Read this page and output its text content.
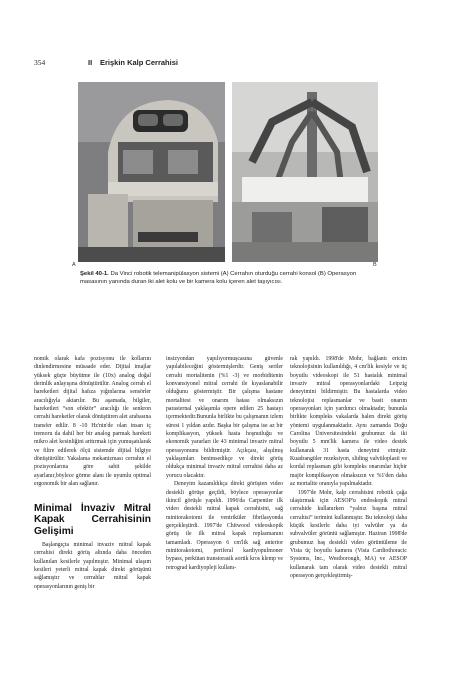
354	II Erişkin Kalp Cerrahisi
A	B
Şekil 40-1. Da Vinci robotik telemanipülasyon sistemi (A) Cerrahın oturduğu cerrahi konsol (B) Operasyon masasının yanında duran iki alet kolu ve bir kamera kolu içeren alet taşıyıcısı.

nomik olarak kafa pozisyonu ile kollarını dinlendirmesine müsaade eder. Dijital imajlar yüksek güçte büyütme ile (10x) analog doğal derinlik anlayışına dönüştürülür. Analog cerrah el hareketleri dijital hafıza yığınlarına sensörler aracılığıyla aktarılır. Bu aşamada, bilgiler, hareketleri “son efektör” aracılığı ile senkron cerrahi hareketler olarak dönüştüren alet arabasına transfer edilir. 8 -10 Hz'nin'de olan insan iç tremoru da dahil her bir analog parmak hareketi mikro alet kesinliğini arttırmak için yumuşatılarak ve filtre edilerek ölçü sistemde dijital bilgiye dönüştürülür. Yakalama mekanizması cerrahın el pozisyonlarına göre sabit şekilde ayarlanır,böylece görme alanı ile uyumlu optimal ergonomik bir alan sağlanır.

Minimal İnvaziv Mitral Kapak Cerrahisinin Gelişimi

Başlangıçta minimal invaziv mitral kapak cerrahisi direkt görüş altında daha önceden kullanılan kesilerle yapılmıştır. Minimal ulaşım kesileri yeterli mitral kapak direkt görüşünü sağlamıştır ve cerrahlar mitral kapak operasyonlarının geniş bir

insizyondan yapılıyormuşcasına güvenle yapılabileceğini göstermişlerdir. Geniş seriler cerrahi mortalitenin (%1 -3) ve morbiditenin konvansiyonel mitral cerrahi ile kıyaslanabilir olduğunu göstermiştir. Bir çalışma hastane mortalitesi ve onarım hatası olmaksızın parasternal yaklaşımla opere edilen 25 hastayı içermektedir.Bununla birlikte bu çalışmanın izlem süresi 1 yıldan azdır. Başka bir çalışma ise az bir komplikasyon, yüksek hasta hoşnutluğu ve ekonomik yararları ile 43 minimal invaziv mitral operasyonunu bildirmiştir. Açıkçası, alışılmış yaklaşımları benimsedikçe ve direkt görüş oldukça minimal invaziv mitral cerrahisi daha az yorucu olacaktır.

Deneyim kazanıldıkça direkt görüşten video destekli görüşe geçildi, böylece operasyonlar ikincil görüşle yapıldı. 1996'da Carpentier ilk video destekli mitral kapak cerrahisini, sağ minitorakotomi ile ventriküler fibrilasyonda gerçekleştirdi. 1997'de Chitwood videoskopik görüş ile ilk mitral kapak replasmanını tamamladı. Operasyon 6 cm'lik sağ anterior minitorakotomi, periferal kardiyopulmoner bypass, perkütan transtorasik aortik kros klemp ve retrograd kardiyopleji kullanı-

rak yapıldı. 1998'de Mohr, bağlantı ericim teknolojisinin kullanıldığı, 4 cm'lik kesiyle ve üç boyutlu videoskopi ile 51 hastalık minimal invaziv mitral operasyonlardaki Leipzig deneyimini bildirmiştir. Bu hastalarda video teknolojisi replasmanlar ve basit onarım operasyonları için yardımcı olmaktadır; bununla birlikte kompleks vakalarda halen direkt görüş yöntemi uygulanmaktadır. Aynı zamanda Doğu Carolina Üniversitesindeki grubumuz da iki boyutlu 5 mm'lik kamera ile video destek kullanarak 31 hasta deneyimi etmiştir. Kuadrangüler rezeksiyon, sliding valvüloplasti ve kordal replasman gibi kompleks onarımlar hiçbir majör komplikasyon olmaksızın ve %1'den daha az mortalite oranıyla yapılmaktadır.

1997'de Mohr, kalp cerrahisini robotik çağa ulaştırmak için AESOP'u endoskopik mitral cerrahide kullanırken “yalnız başına mitral cerrahisi” terimini kullanmıştır. Bu teknoloji daha küçük kesilerle daha iyi valvüler ya da subvalvüler görüntü sağlamıştır. Haziran 1998'de grubumuz baş destekli video görüntüleme ile Vista üç boyutlu kamera (Vista Cardiothoracic Systems, Inc., Westborough, MA) ve AESOP kullanarak tam olarak video destekli mitral operasyon gerçekleştirmiş-
